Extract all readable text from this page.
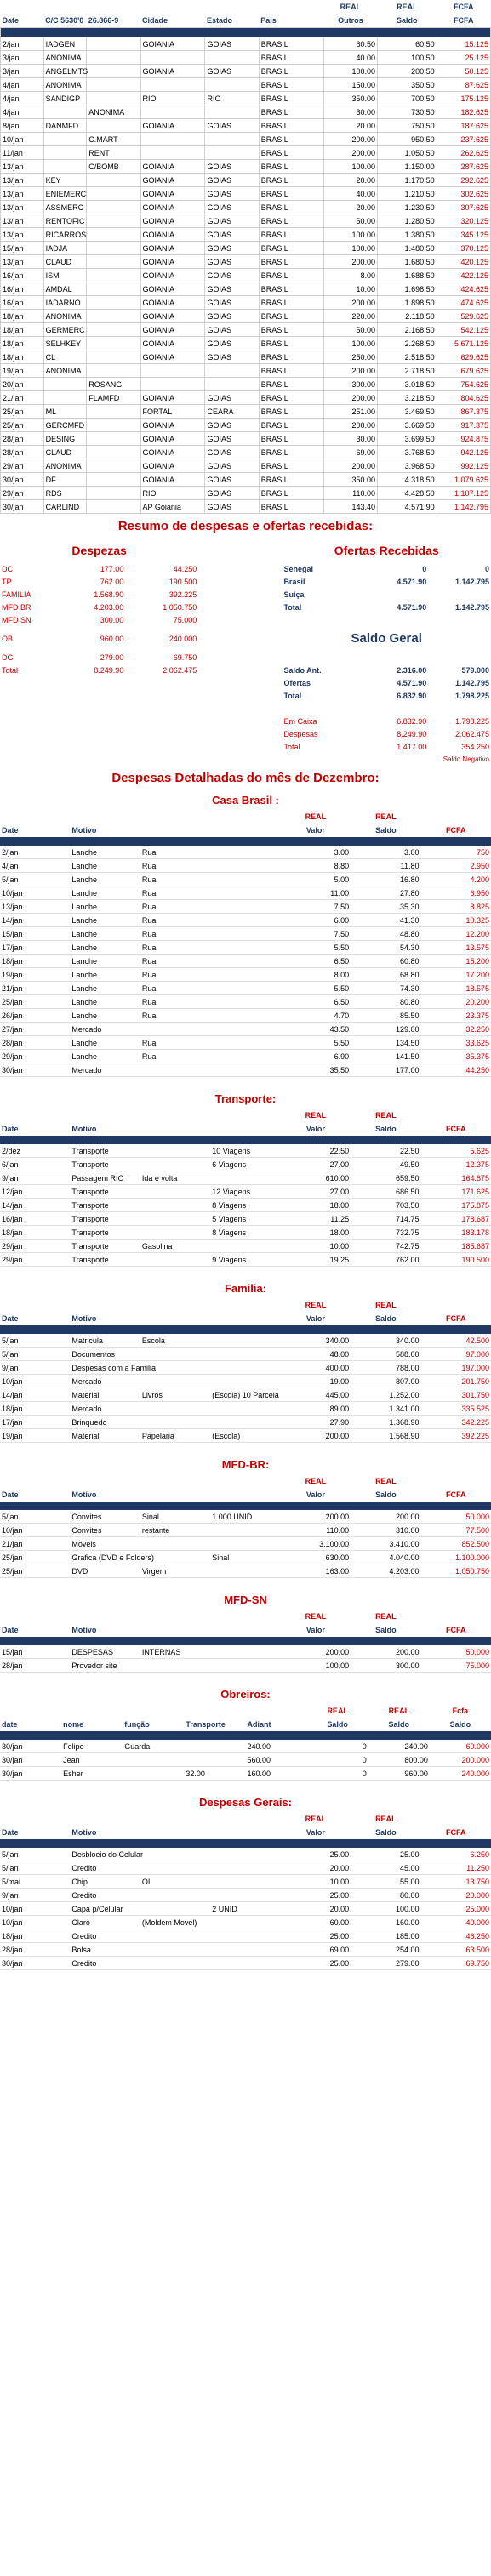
						REAL	REAL	FCFA
Date	C/C 5630'0	26.866-9	Cidade	Estado	Pais	Outros	Saldo	FCFA

2/jan	IADGEN		GOIANIA	GOIAS	BRASIL	60.50	60.50	15.125
3/jan	ANONIMA				BRASIL	40.00	100.50	25.125
3/jan	ANGELMTS		GOIANIA	GOIAS	BRASIL	100.00	200.50	50.125
4/jan	ANONIMA				BRASIL	150.00	350.50	87.625
4/jan	SANDIGP		RIO	RIO	BRASIL	350.00	700.50	175.125
4/jan		ANONIMA			BRASIL	30.00	730.50	182.625
8/jan	DANMFD		GOIANIA	GOIAS	BRASIL	20.00	750.50	187.625
10/jan		C.MART			BRASIL	200.00	950.50	237.625
11/jan		RENT			BRASIL	200.00	1.050.50	262.625
13/jan		C/BOMB	GOIANIA	GOIAS	BRASIL	100.00	1.150.00	287.625
13/jan	KEY		GOIANIA	GOIAS	BRASIL	20.00	1.170.50	292.625
13/jan	ENIEMERC		GOIANIA	GOIAS	BRASIL	40.00	1.210.50	302.625
13/jan	ASSMERC		GOIANIA	GOIAS	BRASIL	20.00	1.230.50	307.625
13/jan	RENTOFIC		GOIANIA	GOIAS	BRASIL	50.00	1.280.50	320.125
13/jan	RICARROS		GOIANIA	GOIAS	BRASIL	100.00	1.380.50	345.125
15/jan	IADJA		GOIANIA	GOIAS	BRASIL	100.00	1.480.50	370.125
13/jan	CLAUD		GOIANIA	GOIAS	BRASIL	200.00	1.680.50	420.125
16/jan	ISM		GOIANIA	GOIAS	BRASIL	8.00	1.688.50	422.125
16/jan	AMDAL		GOIANIA	GOIAS	BRASIL	10.00	1.698.50	424.625
16/jan	IADARNO		GOIANIA	GOIAS	BRASIL	200.00	1.898.50	474.625
18/jan	ANONIMA		GOIANIA	GOIAS	BRASIL	220.00	2.118.50	529.625
18/jan	GERMERC		GOIANIA	GOIAS	BRASIL	50.00	2.168.50	542.125
18/jan	SELHKEY		GOIANIA	GOIAS	BRASIL	100.00	2.268.50	5.671.125
18/jan	CL		GOIANIA	GOIAS	BRASIL	250.00	2.518.50	629.625
19/jan	ANONIMA				BRASIL	200.00	2.718.50	679.625
20/jan		ROSANG			BRASIL	300.00	3.018.50	754.625
21/jan		FLAMFD	GOIANIA	GOIAS	BRASIL	200.00	3.218.50	804.625
25/jan	ML		FORTAL	CEARA	BRASIL	251.00	3.469.50	867.375
25/jan	GERCMFD		GOIANIA	GOIAS	BRASIL	200.00	3.669.50	917.375
28/jan	DESING		GOIANIA	GOIAS	BRASIL	30.00	3.699.50	924.875
28/jan	CLAUD		GOIANIA	GOIAS	BRASIL	69.00	3.768.50	942.125
29/jan	ANONIMA		GOIANIA	GOIAS	BRASIL	200.00	3.968.50	992.125
30/jan	DF		GOIANIA	GOIAS	BRASIL	350.00	4.318.50	1.079.625
29/jan	RDS		RIO	GOIAS	BRASIL	110.00	4.428.50	1.107.125
30/jan	CARLIND		AP Goiania	GOIAS	BRASIL	143.40	4.571.90	1.142.795
Resumo de despesas e ofertas recebidas:
Despezas				Ofertas Recebidas		
DC	177.00	44.250		Senegal	0	0
TP	762.00	190.500		Brasil	4.571.90	1.142.795
FAMILIA	1.568.90	392.225		Suiça		
MFD BR	4.203.00	1.050.750		Total	4.571.90	1.142.795
MFD SN	300.00	75.000				
OB	960.00	240.000		Saldo Geral		
DG	279.00	69.750				
Total	8.249.90	2.062.475		Saldo Ant.	2.316.00	579.000
				Ofertas	4.571.90	1.142.795
				Total	6.832.90	1.798.225

				Em Caixa	6.832.90	1.798.225
				Despesas	8.249.90	2.062.475
				Total	1.417.00	354.250
				Saldo Negativo		
Despesas Detalhadas do mês de Dezembro:
Casa Brasil :
				REAL	REAL	
Date	Motivo			Valor	Saldo	FCFA

2/jan	Lanche	Rua		3.00	3.00	750
4/jan	Lanche	Rua		8.80	11.80	2.950
5/jan	Lanche	Rua		5.00	16.80	4.200
10/jan	Lanche	Rua		11.00	27.80	6.950
13/jan	Lanche	Rua		7.50	35.30	8.825
14/jan	Lanche	Rua		6.00	41.30	10.325
15/jan	Lanche	Rua		7.50	48.80	12.200
17/jan	Lanche	Rua		5.50	54.30	13.575
18/jan	Lanche	Rua		6.50	60.80	15.200
19/jan	Lanche	Rua		8.00	68.80	17.200
21/jan	Lanche	Rua		5.50	74.30	18.575
25/jan	Lanche	Rua		6.50	80.80	20.200
26/jan	Lanche	Rua		4.70	85.50	23.375
27/jan	Mercado			43.50	129.00	32.250
28/jan	Lanche	Rua		5.50	134.50	33.625
29/jan	Lanche	Rua		6.90	141.50	35.375
30/jan	Mercado			35.50	177.00	44.250
Transporte:
				REAL	REAL	
Date	Motivo			Valor	Saldo	FCFA

2/dez	Transporte		10 Viagens	22.50	22.50	5.625
6/jan	Transporte		6 Viagens	27.00	49.50	12.375
9/jan	Passagem RIO	Ida e volta		610.00	659.50	164.875
12/jan	Transporte		12 Viagens	27.00	686.50	171.625
14/jan	Transporte		8 Viagens	18.00	703.50	175.875
16/jan	Transporte		5 Viagens	11.25	714.75	178.687
18/jan	Transporte		8 Viagens	18.00	732.75	183.178
29/jan	Transporte	Gasolina		10.00	742.75	185.687
29/jan	Transporte		9 Viagens	19.25	762.00	190.500
Familia:
				REAL	REAL	
Date	Motivo			Valor	Saldo	FCFA

5/jan	Matricula	Escola		340.00	340.00	42.500
5/jan	Documentos			48.00	588.00	97.000
9/jan	Despesas com a Familia			400.00	788.00	197.000
10/jan	Mercado			19.00	807.00	201.750
14/jan	Material	Livros	(Escola) 10 Parcela	445.00	1.252.00	301.750
18/jan	Mercado			89.00	1.341.00	335.525
17/jan	Brinquedo			27.90	1.368.90	342.225
19/jan	Material	Papelaria	(Escola)	200.00	1.568.90	392.225
MFD-BR:
				REAL	REAL	
Date	Motivo			Valor	Saldo	FCFA

5/jan	Convites	Sinal	1.000 UNID	200.00	200.00	50.000
10/jan	Convites	restante		110.00	310.00	77.500
21/jan	Moveis			3.100.00	3.410.00	852.500
25/jan	Grafica (DVD e Folders)		Sinal	630.00	4.040.00	1.100.000
25/jan	DVD	Virgem		163.00	4.203.00	1.050.750
MFD-SN
				REAL	REAL	
Date	Motivo			Valor	Saldo	FCFA

15/jan	DESPESAS	INTERNAS		200.00	200.00	50.000
28/jan	Provedor site			100.00	300.00	75.000
Obreiros:
					REAL	REAL	Fcfa
date	nome	função	Transporte	Adiant	Saldo	Saldo	Saldo

30/jan	Felipe	Guarda		240.00	0	240.00	60.000
30/jan	Jean			560.00	0	800.00	200.000
30/jan	Esher		32.00	160.00	0	960.00	240.000
Despesas Gerais:
				REAL	REAL	
Date	Motivo			Valor	Saldo	FCFA

5/jan	Desbloeio do Celular			25.00	25.00	6.250
5/jan	Credito			20.00	45.00	11.250
5/mai	Chip	OI		10.00	55.00	13.750
9/jan	Credito			25.00	80.00	20.000
10/jan	Capa p/Celular		2 UNID	20.00	100.00	25.000
10/jan	Claro	(Moldem Movel)		60.00	160.00	40.000
18/jan	Credito			25.00	185.00	46.250
28/jan	Bolsa			69.00	254.00	63.500
30/jan	Credito			25.00	279.00	69.750
